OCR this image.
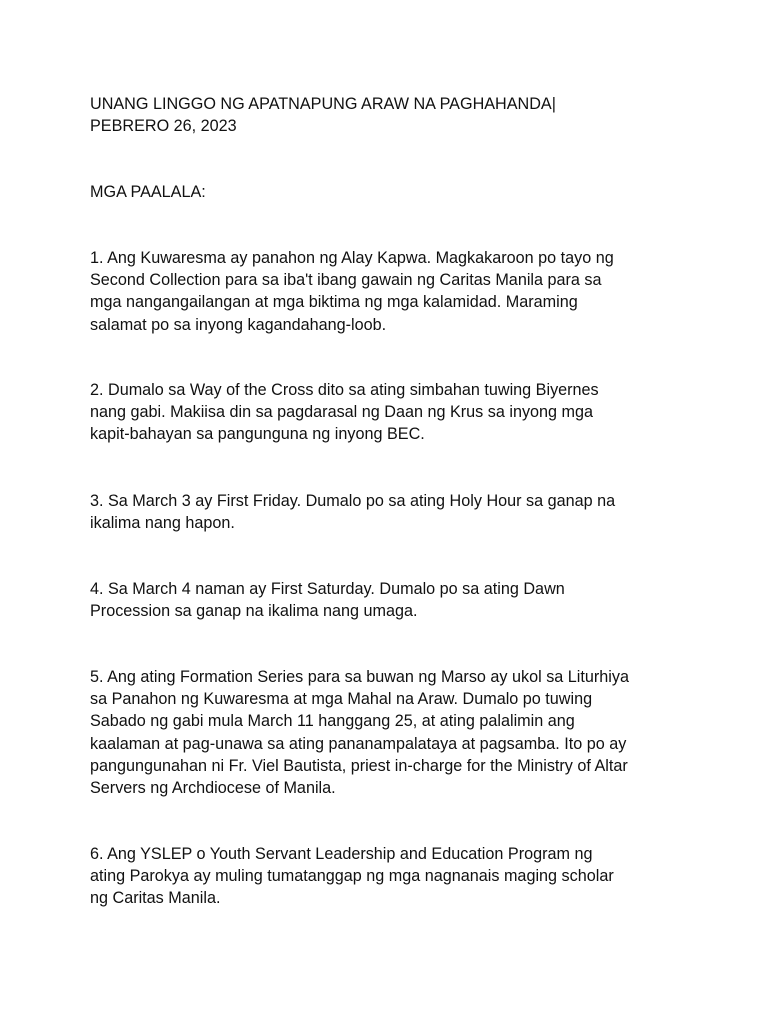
UNANG LINGGO NG APATNAPUNG ARAW NA PAGHAHANDA|
PEBRERO 26, 2023

MGA PAALALA:

1. Ang Kuwaresma ay panahon ng Alay Kapwa. Magkakaroon po tayo ng
Second Collection para sa iba't ibang gawain ng Caritas Manila para sa
mga nangangailangan at mga biktima ng mga kalamidad. Maraming
salamat po sa inyong kagandahang-loob.

2. Dumalo sa Way of the Cross dito sa ating simbahan tuwing Biyernes
nang gabi. Makiisa din sa pagdarasal ng Daan ng Krus sa inyong mga
kapit-bahayan sa pangunguna ng inyong BEC.

3. Sa March 3 ay First Friday. Dumalo po sa ating Holy Hour sa ganap na
ikalima nang hapon.

4. Sa March 4 naman ay First Saturday. Dumalo po sa ating Dawn
Procession sa ganap na ikalima nang umaga.

5. Ang ating Formation Series para sa buwan ng Marso ay ukol sa Liturhiya
sa Panahon ng Kuwaresma at mga Mahal na Araw. Dumalo po tuwing
Sabado ng gabi mula March 11 hanggang 25, at ating palalimin ang
kaalaman at pag-unawa sa ating pananampalataya at pagsamba. Ito po ay
pangungunahan ni Fr. Viel Bautista, priest in-charge for the Ministry of Altar
Servers ng Archdiocese of Manila.

6. Ang YSLEP o Youth Servant Leadership and Education Program ng
ating Parokya ay muling tumatanggap ng mga nagnanais maging scholar
ng Caritas Manila.
